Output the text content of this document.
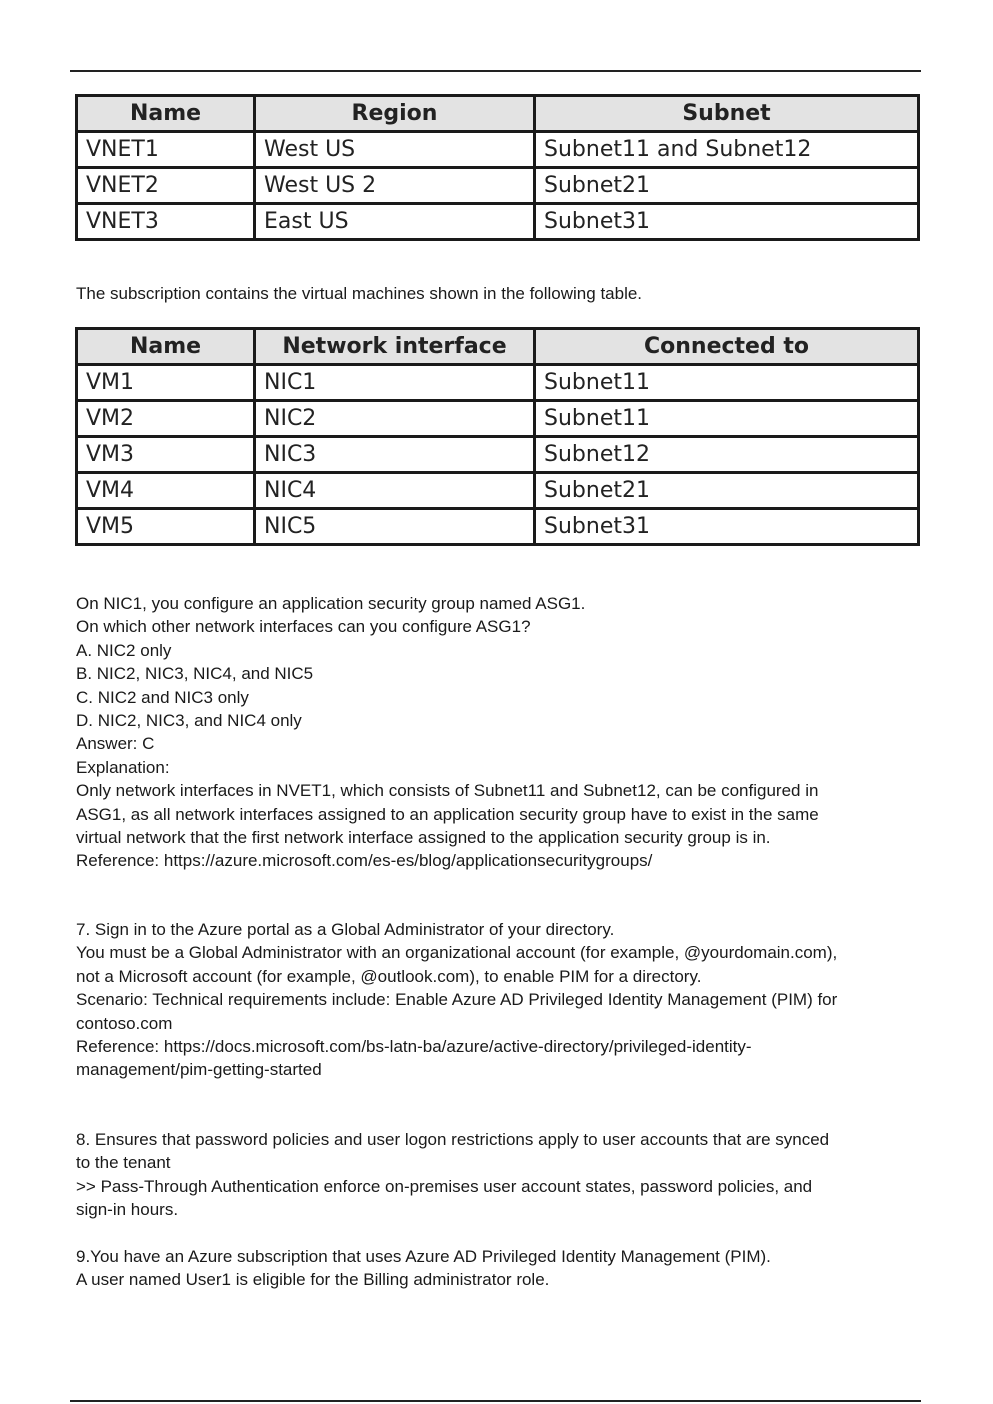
Name	Region	Subnet
VNET1	West US	Subnet11 and Subnet12
VNET2	West US 2	Subnet21
VNET3	East US	Subnet31
The subscription contains the virtual machines shown in the following table.
Name	Network interface	Connected to
VM1	NIC1	Subnet11
VM2	NIC2	Subnet11
VM3	NIC3	Subnet12
VM4	NIC4	Subnet21
VM5	NIC5	Subnet31
On NIC1, you configure an application security group named ASG1.
On which other network interfaces can you configure ASG1?
A. NIC2 only
B. NIC2, NIC3, NIC4, and NIC5
C. NIC2 and NIC3 only
D. NIC2, NIC3, and NIC4 only
Answer: C
Explanation:
Only network interfaces in NVET1, which consists of Subnet11 and Subnet12, can be configured in
ASG1, as all network interfaces assigned to an application security group have to exist in the same
virtual network that the first network interface assigned to the application security group is in.
Reference: https://azure.microsoft.com/es-es/blog/applicationsecuritygroups/
7. Sign in to the Azure portal as a Global Administrator of your directory.
You must be a Global Administrator with an organizational account (for example, @yourdomain.com),
not a Microsoft account (for example, @outlook.com), to enable PIM for a directory.
Scenario: Technical requirements include: Enable Azure AD Privileged Identity Management (PIM) for
contoso.com
Reference: https://docs.microsoft.com/bs-latn-ba/azure/active-directory/privileged-identity-
management/pim-getting-started
8. Ensures that password policies and user logon restrictions apply to user accounts that are synced
to the tenant
>> Pass-Through Authentication enforce on-premises user account states, password policies, and
sign-in hours.
9.You have an Azure subscription that uses Azure AD Privileged Identity Management (PIM).
A user named User1 is eligible for the Billing administrator role.
